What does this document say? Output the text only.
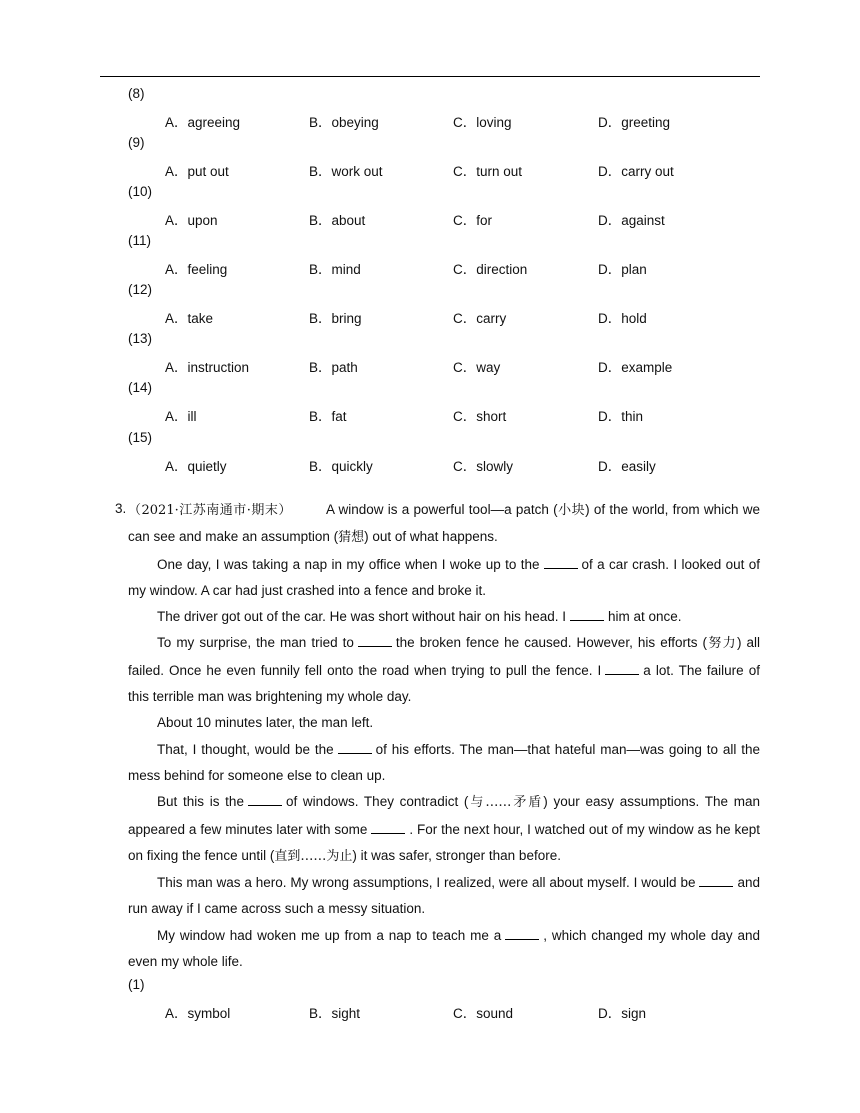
(8)
A．agreeing	B．obeying	C．loving	D．greeting
(9)
A．put out	B．work out	C．turn out	D．carry out
(10)
A．upon	B．about	C．for	D．against
(11)
A．feeling	B．mind	C．direction	D．plan
(12)
A．take	B．bring	C．carry	D．hold
(13)
A．instruction	B．path	C．way	D．example
(14)
A．ill	B．fat	C．short	D．thin
(15)
A．quietly	B．quickly	C．slowly	D．easily
3. （2021·江苏南通市·期末）        A window is a powerful tool—a patch (小块) of the world, from which we can see and make an assumption (猜想) out of what happens.

One day, I was taking a nap in my office when I woke up to the	of a car crash. I looked out of my window. A car had just crashed into a fence and broke it.

The driver got out of the car. He was short without hair on his head. I	him at once.

To my surprise, the man tried to	the broken fence he caused. However, his efforts (努力) all failed. Once he even funnily fell onto the road when trying to pull the fence. I	a lot. The failure of this terrible man was brightening my whole day.

About 10 minutes later, the man left.

That, I thought, would be the	of his efforts. The man—that hateful man—was going to all the mess behind for someone else to clean up.

But this is the	of windows. They contradict (与……矛盾) your easy assumptions. The man appeared a few minutes later with some	. For the next hour, I watched out of my window as he kept on fixing the fence until (直到……为止) it was safer, stronger than before.

This man was a hero. My wrong assumptions, I realized, were all about myself. I would be	and run away if I came across such a messy situation.

My window had woken me up from a nap to teach me a	, which changed my whole day and even my whole life.

(1)
A．symbol	B．sight	C．sound	D．sign
